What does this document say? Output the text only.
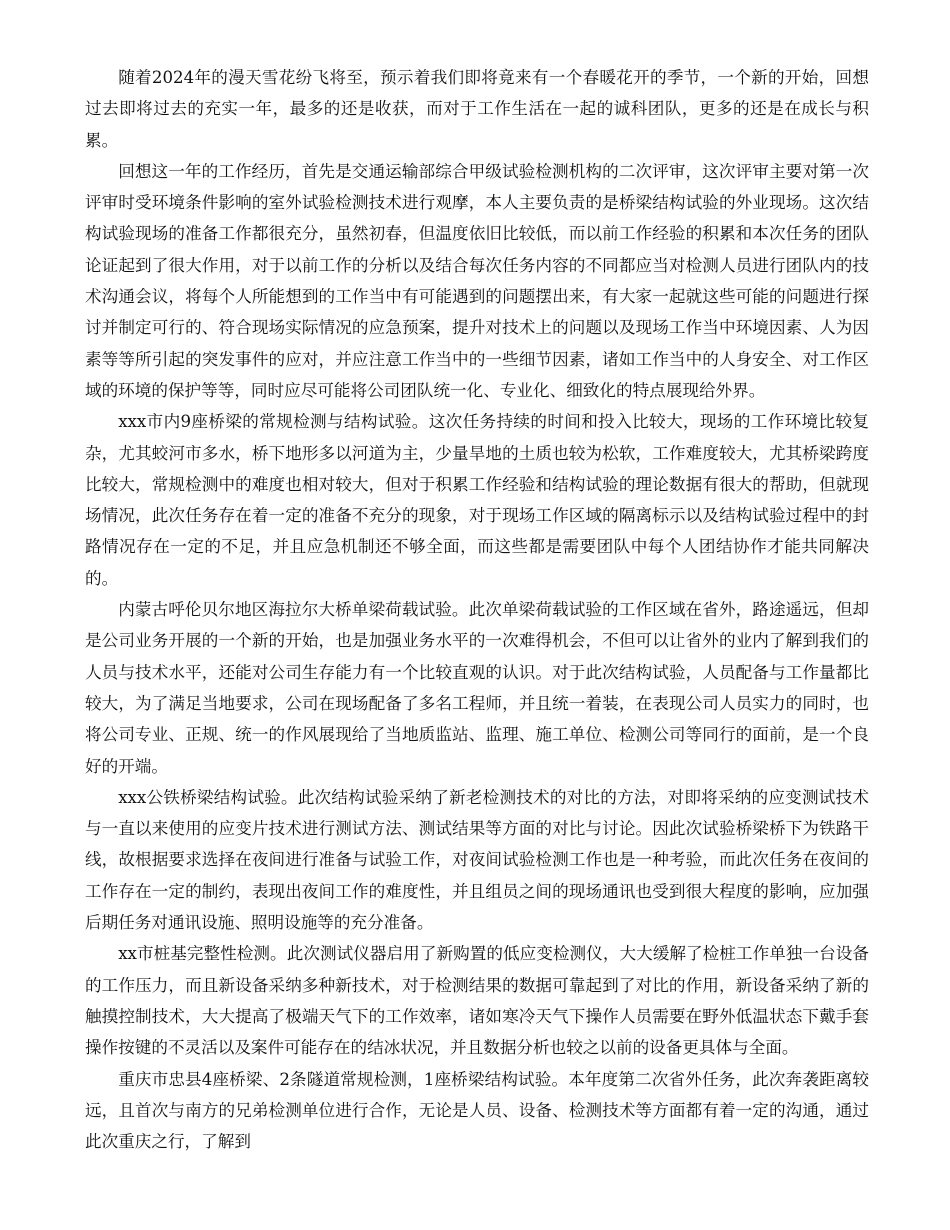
随着2024年的漫天雪花纷飞将至，预示着我们即将竟来有一个春暖花开的季节，一个新的开始，回想过去即将过去的充实一年，最多的还是收获，而对于工作生活在一起的诚科团队，更多的还是在成长与积累。

回想这一年的工作经历，首先是交通运输部综合甲级试验检测机构的二次评审，这次评审主要对第一次评审时受环境条件影响的室外试验检测技术进行观摩，本人主要负责的是桥梁结构试验的外业现场。这次结构试验现场的准备工作都很充分，虽然初春，但温度依旧比较低，而以前工作经验的积累和本次任务的团队论证起到了很大作用，对于以前工作的分析以及结合每次任务内容的不同都应当对检测人员进行团队内的技术沟通会议，将每个人所能想到的工作当中有可能遇到的问题摆出来，有大家一起就这些可能的问题进行探讨并制定可行的、符合现场实际情况的应急预案，提升对技术上的问题以及现场工作当中环境因素、人为因素等等所引起的突发事件的应对，并应注意工作当中的一些细节因素，诸如工作当中的人身安全、对工作区域的环境的保护等等，同时应尽可能将公司团队统一化、专业化、细致化的特点展现给外界。

xxx市内9座桥梁的常规检测与结构试验。这次任务持续的时间和投入比较大，现场的工作环境比较复杂，尤其蛟河市多水，桥下地形多以河道为主，少量旱地的土质也较为松软，工作难度较大，尤其桥梁跨度比较大，常规检测中的难度也相对较大，但对于积累工作经验和结构试验的理论数据有很大的帮助，但就现场情况，此次任务存在着一定的准备不充分的现象，对于现场工作区域的隔离标示以及结构试验过程中的封路情况存在一定的不足，并且应急机制还不够全面，而这些都是需要团队中每个人团结协作才能共同解决的。

内蒙古呼伦贝尔地区海拉尔大桥单梁荷载试验。此次单梁荷载试验的工作区域在省外，路途遥远，但却是公司业务开展的一个新的开始，也是加强业务水平的一次难得机会，不但可以让省外的业内了解到我们的人员与技术水平，还能对公司生存能力有一个比较直观的认识。对于此次结构试验，人员配备与工作量都比较大，为了满足当地要求，公司在现场配备了多名工程师，并且统一着装，在表现公司人员实力的同时，也将公司专业、正规、统一的作风展现给了当地质监站、监理、施工单位、检测公司等同行的面前，是一个良好的开端。

xxx公铁桥梁结构试验。此次结构试验采纳了新老检测技术的对比的方法，对即将采纳的应变测试技术与一直以来使用的应变片技术进行测试方法、测试结果等方面的对比与讨论。因此次试验桥梁桥下为铁路干线，故根据要求选择在夜间进行准备与试验工作，对夜间试验检测工作也是一种考验，而此次任务在夜间的工作存在一定的制约，表现出夜间工作的难度性，并且组员之间的现场通讯也受到很大程度的影响，应加强后期任务对通讯设施、照明设施等的充分准备。

xx市桩基完整性检测。此次测试仪器启用了新购置的低应变检测仪，大大缓解了检桩工作单独一台设备的工作压力，而且新设备采纳多种新技术，对于检测结果的数据可靠起到了对比的作用，新设备采纳了新的触摸控制技术，大大提高了极端天气下的工作效率，诸如寒冷天气下操作人员需要在野外低温状态下戴手套操作按键的不灵活以及案件可能存在的结冰状况，并且数据分析也较之以前的设备更具体与全面。

重庆市忠县4座桥梁、2条隧道常规检测，1座桥梁结构试验。本年度第二次省外任务，此次奔袭距离较远，且首次与南方的兄弟检测单位进行合作，无论是人员、设备、检测技术等方面都有着一定的沟通，通过此次重庆之行，了解到
